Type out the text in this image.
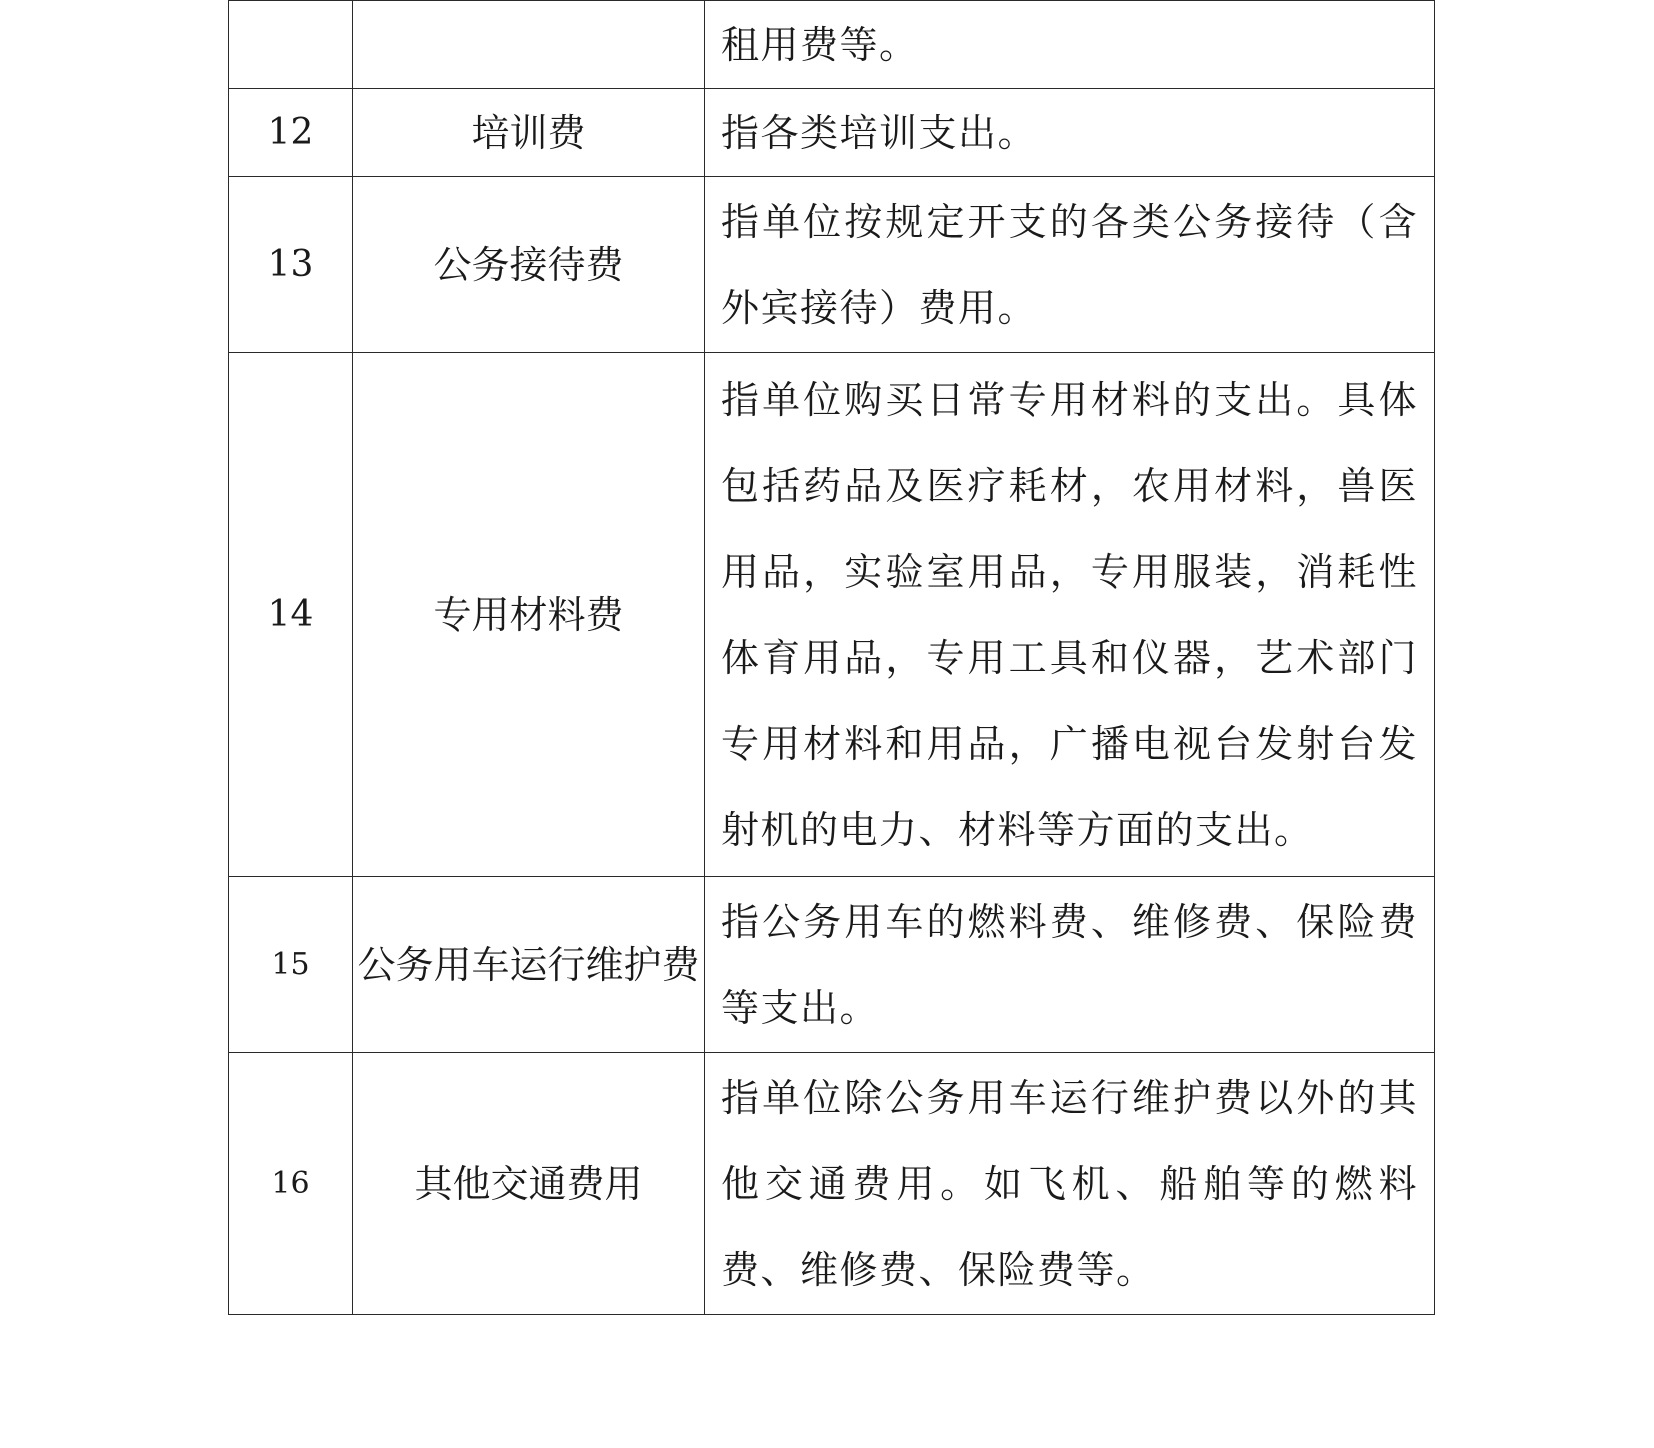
		租用费等。
12	培训费	指各类培训支出。
13	公务接待费	指单位按规定开支的各类公务接待（含外宾接待）费用。
14	专用材料费	指单位购买日常专用材料的支出。具体包括药品及医疗耗材，农用材料，兽医用品，实验室用品，专用服装，消耗性体育用品，专用工具和仪器，艺术部门专用材料和用品，广播电视台发射台发射机的电力、材料等方面的支出。
15	公务用车运行维护费	指公务用车的燃料费、维修费、保险费等支出。
16	其他交通费用	指单位除公务用车运行维护费以外的其他交通费用。如飞机、船舶等的燃料费、维修费、保险费等。
